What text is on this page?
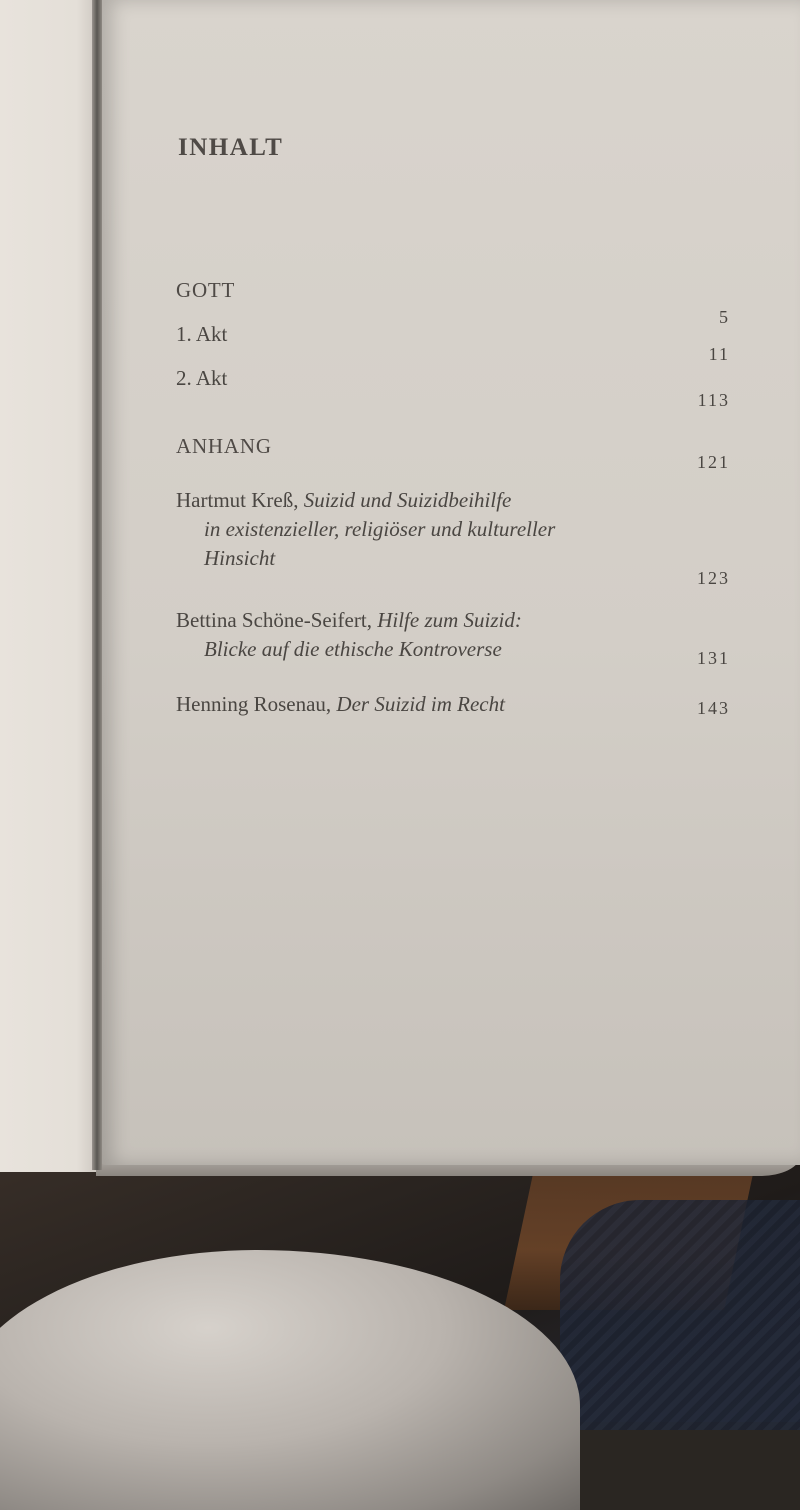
INHALT
GOTT
5
1. Akt
11
2. Akt
113
ANHANG
121
Hartmut Kreß, Suizid und Suizidbeihilfe
in existenzieller, religiöser und kultureller
Hinsicht
123
Bettina Schöne-Seifert, Hilfe zum Suizid:
Blicke auf die ethische Kontroverse	131
Henning Rosenau, Der Suizid im Recht	143
